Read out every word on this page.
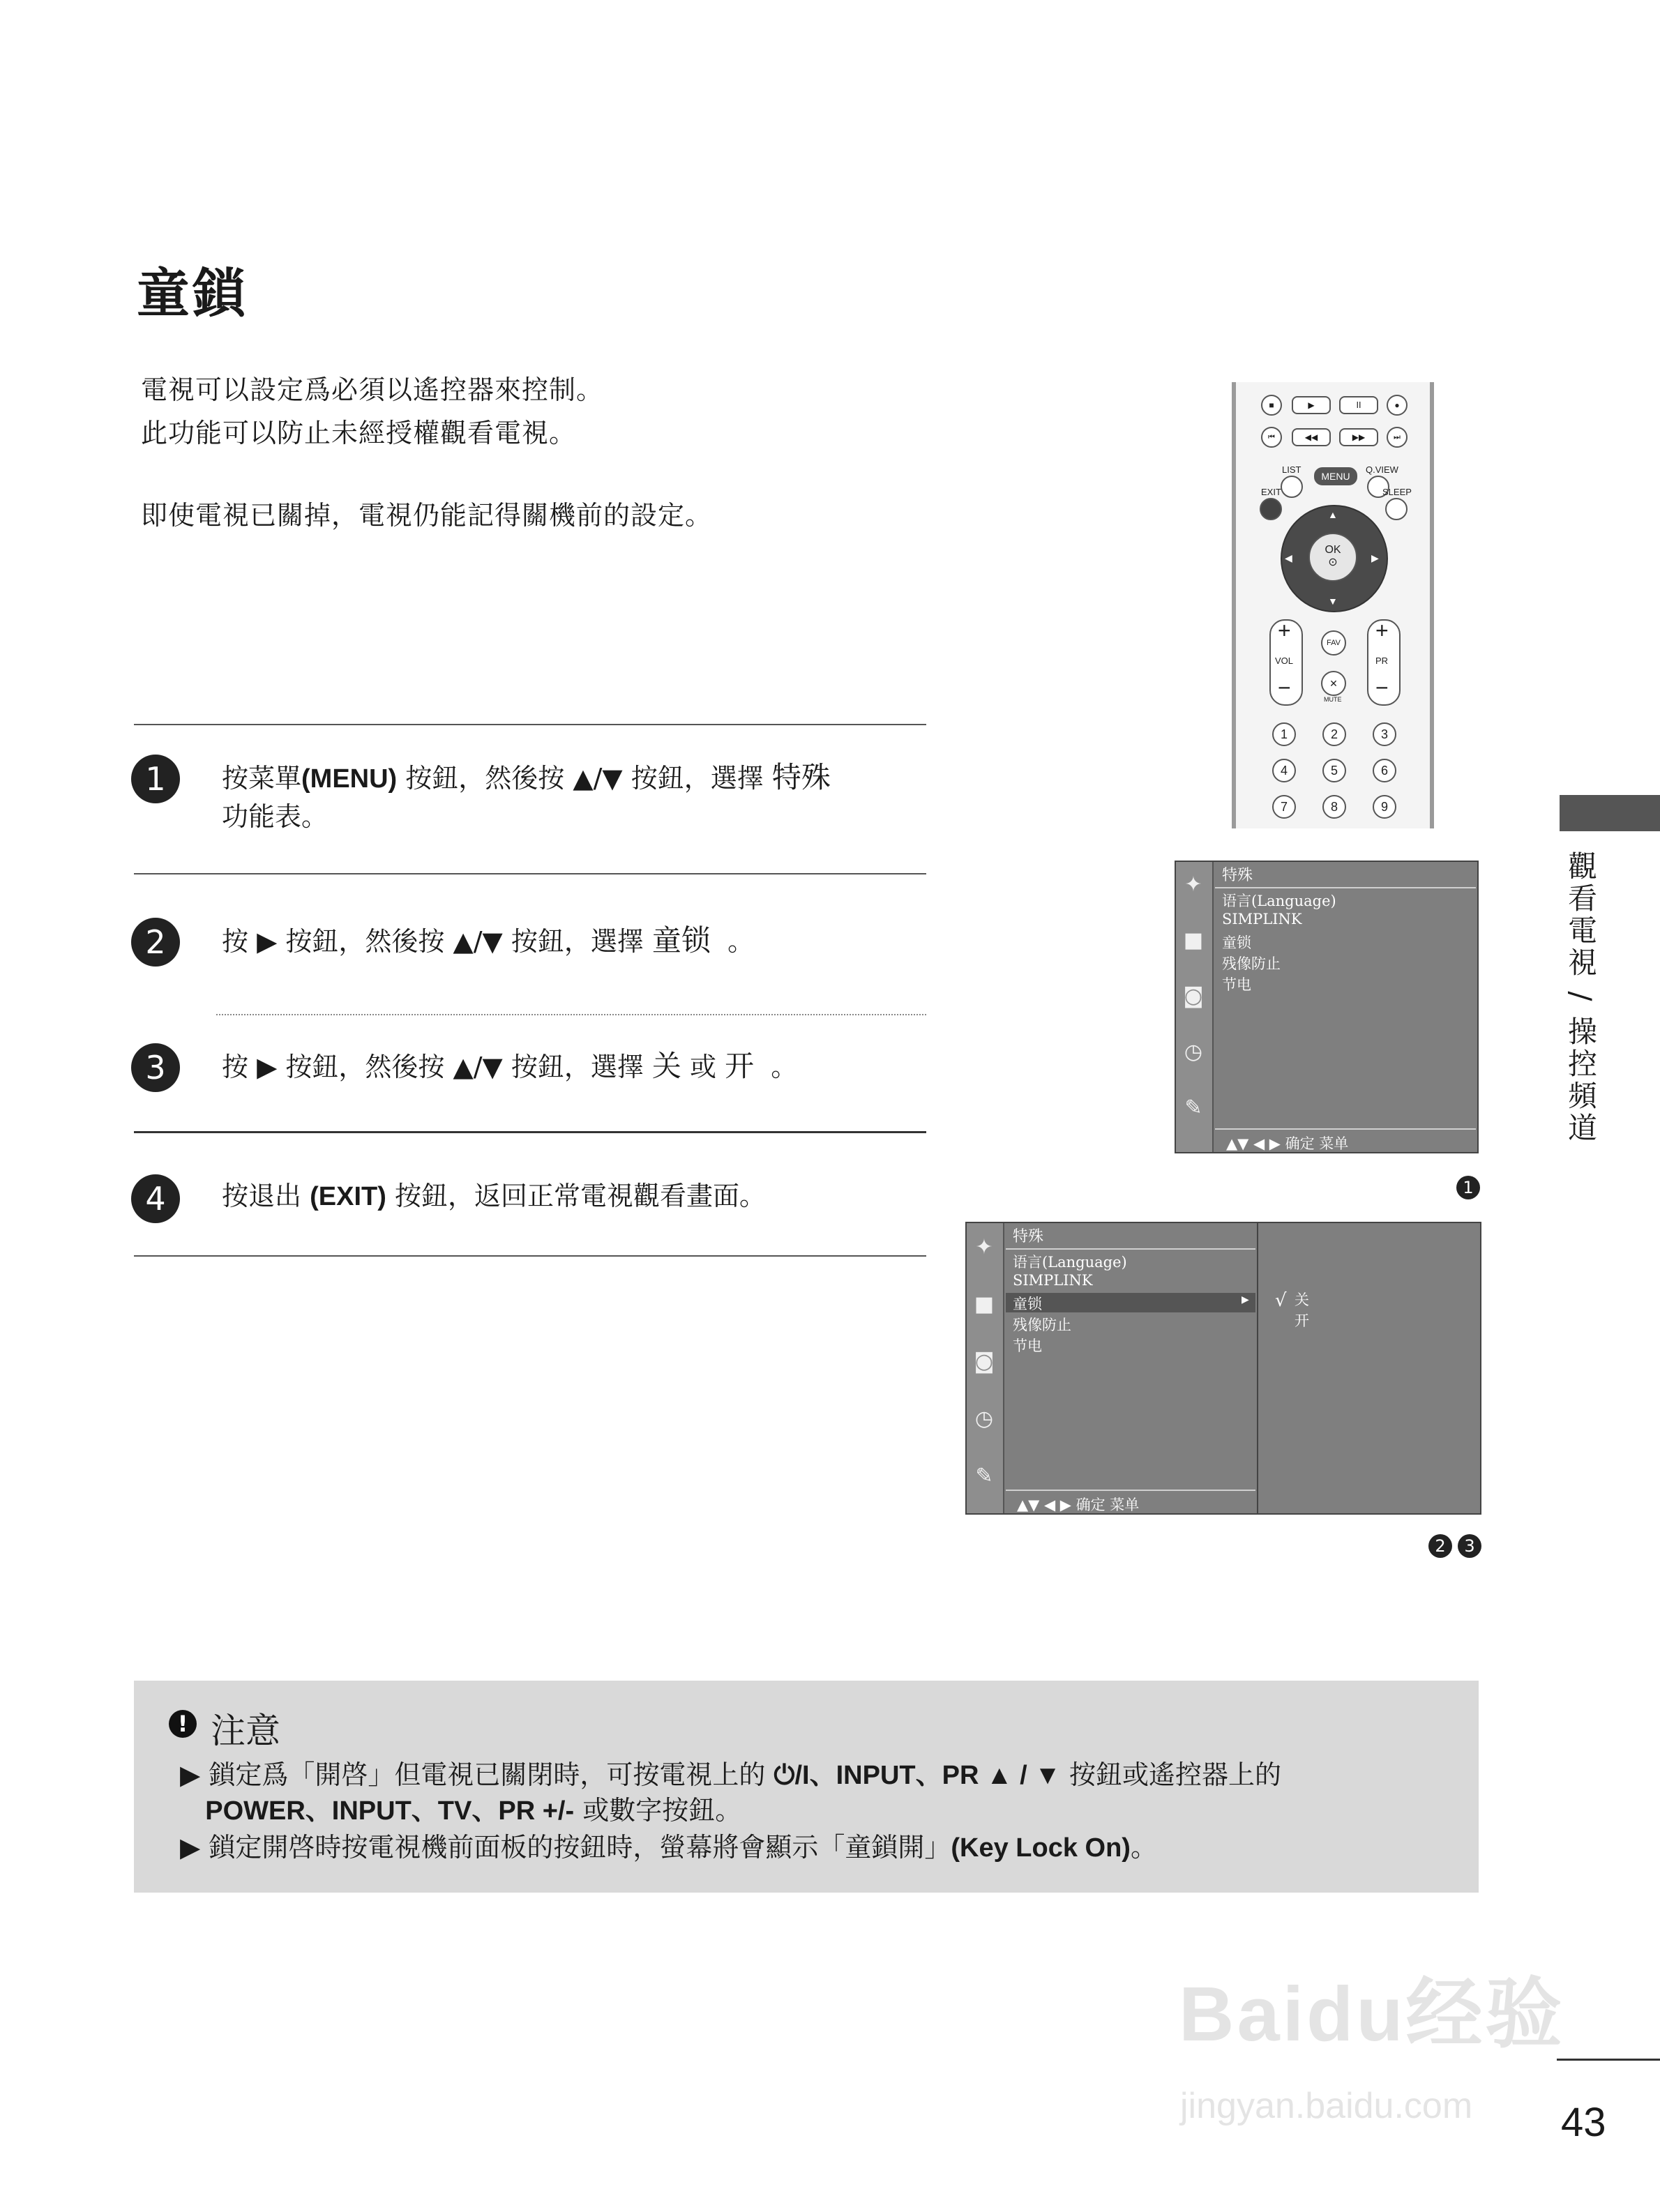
童鎖
電視可以設定爲必須以遙控器來控制。
此功能可以防止未經授權觀看電視。
即使電視已關掉，電視仍能記得關機前的設定。
1	按菜單(MENU) 按鈕，然後按 ▲/▼ 按鈕，選擇 特殊
功能表。
2	按 ▶ 按鈕，然後按 ▲/▼ 按鈕，選擇 童锁 。
3	按 ▶ 按鈕，然後按 ▲/▼ 按鈕，選擇 关 或 开 。
4	按退出 (EXIT) 按鈕，返回正常電視觀看畫面。
■	▶	II	●
⏮	◀◀	▶▶	⏭
LIST
MENU
Q.VIEW
EXIT	SLEEP
▲
▼
◀	▶
OK
⊙
+
VOL
−
FAV
✕
MUTE
+
PR
−
1	2	3
4	5	6
7	8	9
觀看電視 / 操控頻道
✦
■
◙
◷
✎
特殊
语言(Language)
SIMPLINK
童锁
残像防止
节电
▲▼ ◀ ▶ 确定 菜单
1
✦
■
◙
◷
✎
特殊
语言(Language)
SIMPLINK
童锁	▶
残像防止
节电
▲▼ ◀ ▶ 确定 菜单
√ 关
开
2	3
! 注意
▶ 鎖定爲「開啓」但電視已關閉時，可按電視上的 ⏻/I、INPUT、PR ▲ / ▼ 按鈕或遙控器上的
POWER、INPUT、TV、PR +/- 或數字按鈕。
▶ 鎖定開啓時按電視機前面板的按鈕時，螢幕將會顯示「童鎖開」(Key Lock On)。
Baidu经验
jingyan.baidu.com 43
